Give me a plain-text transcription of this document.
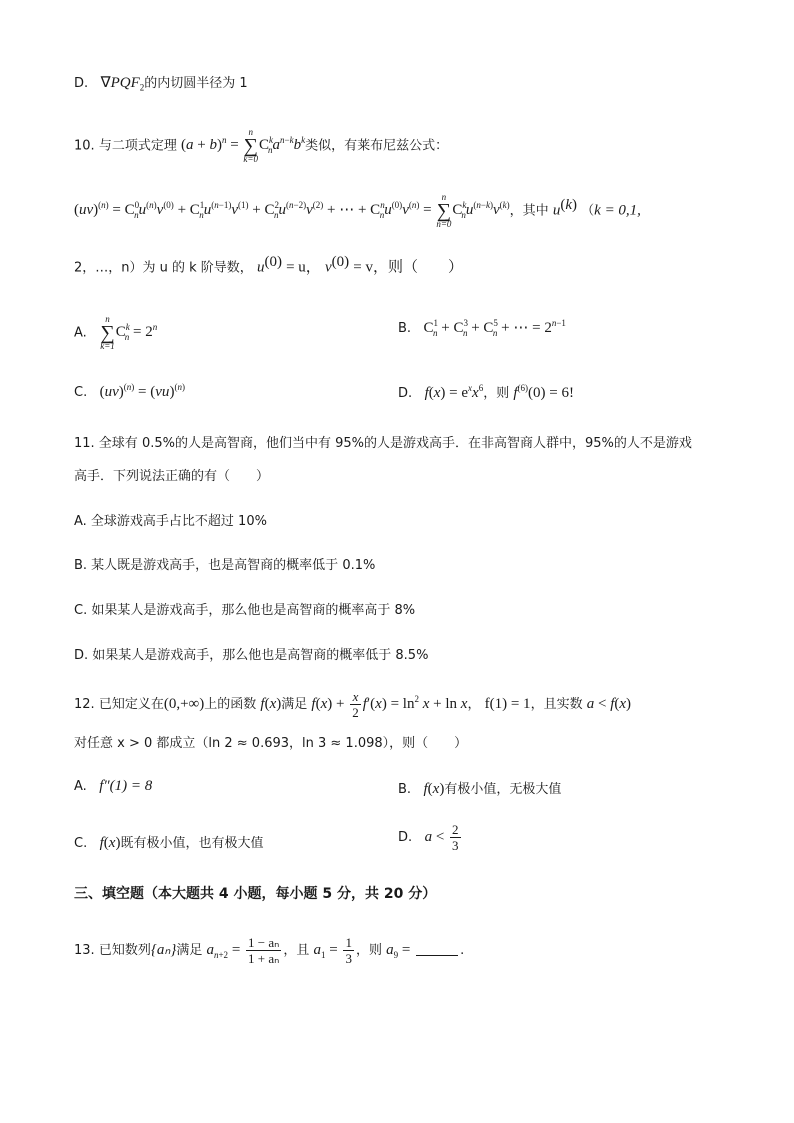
D. $\nabla PQF_2$的内切圆半径为 1
10. 与二项式定理 $(a + b)^n$ =
n
∑
k=0
$C^k_na^{n-k}b^k$类似，有莱布尼兹公式：
$(uv)^{(n)} = C^0_nu^{(n)}v^{(0)} + C^1_nu^{(n-1)}v^{(1)} + C^2_nu^{(n-2)}v^{(2)}$ + ⋯ + $C^n_nu^{(0)}v^{(n)}$ =
n
∑
n=0
$C^k_nu^{(n-k)}v^{(k)}$，其中 $u^{(k)}$ （k = 0,1,
2，…，n）为 u 的 k 阶导数， $u^{(0)} = u$， $v^{(0)} = v$，则（　　）
A.
n
∑
k=1
$C^k_n = 2^n$	B. $C^1_n + C^3_n + C^5_n$ + ⋯ = $2^{n-1}$
C. (uv)$^{(n)}$ = (vu)$^{(n)}$	D. $f(x) = e^xx^6$，则 $f^{(6)}(0) = 6$!
11. 全球有 0.5%的人是高智商，他们当中有 95%的人是游戏高手．在非高智商人群中，95%的人不是游戏
高手．下列说法正确的有（　　）
A. 全球游戏高手占比不超过 10%
B. 某人既是游戏高手，也是高智商的概率低于 0.1%
C. 如果某人是游戏高手，那么他也是高智商的概率高于 8%
D. 如果某人是游戏高手，那么他也是高智商的概率低于 8.5%
12. 已知定义在(0,+∞)上的函数 f(x)满足 $f(x) + \frac{x}{2} f'(x) = \ln^2 x + \ln x$， f(1) = 1，且实数 a < f(x)
对任意 x > 0 都成立（ln 2 ≈ 0.693，ln 3 ≈ 1.098），则（　　）
A. f″(1) = 8	B. f(x)有极小值，无极大值
C. f(x)既有极小值，也有极大值	D. $a < \frac{2}{3}$
三、填空题（本大题共 4 小题，每小题 5 分，共 20 分）
13. 已知数列{aₙ}满足 $a_{n+2} = \frac{\text{1 − aₙ}}{\text{1 + aₙ}}$ ，且 $a_1 = \frac{1}{3}$ ，则 $a_9$ =	.
